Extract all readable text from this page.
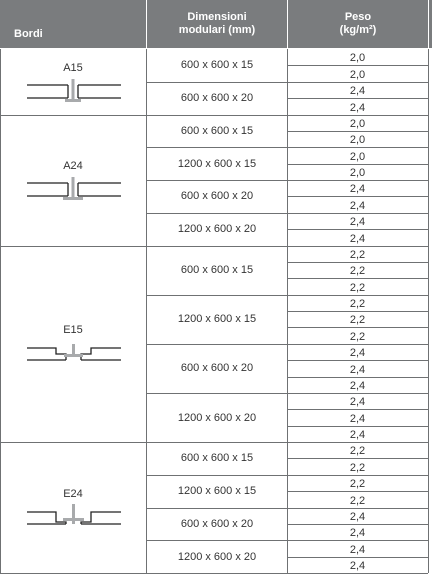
Bordi
Dimensioni
modulari (mm)
Peso
(kg/m²)
A15	600 x 600 x 15
2,0
2,0
600 x 600 x 20
2,4
2,4
A24
600 x 600 x 15
2,0
2,0
1200 x 600 x 15
2,0
2,0
600 x 600 x 20
2,4
2,4
1200 x 600 x 20
2,4
2,4
E15
600 x 600 x 15
2,2
2,2
2,2
1200 x 600 x 15
2,2
2,2
2,2
600 x 600 x 20
2,4
2,4
2,4
1200 x 600 x 20
2,4
2,4
2,4
E24
600 x 600 x 15
2,2
2,2
1200 x 600 x 15
2,2
2,2
600 x 600 x 20
2,4
2,4
1200 x 600 x 20
2,4
2,4
